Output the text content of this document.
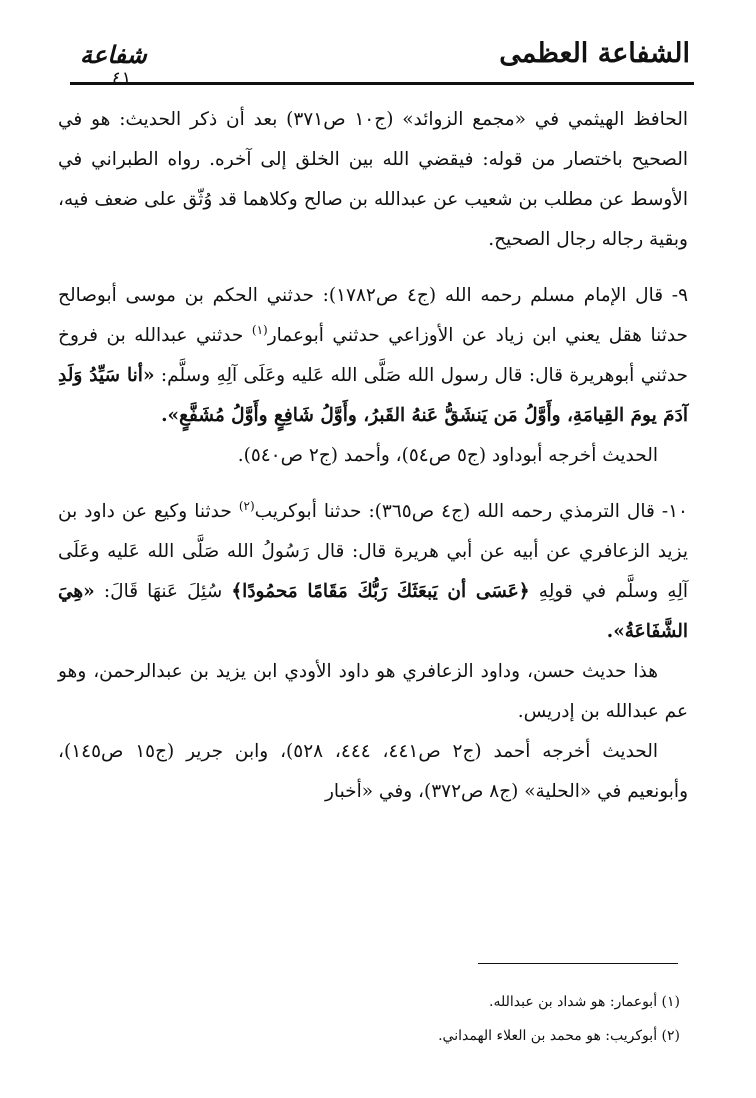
الشفاعة العظمى
شفاعة
٤١

الحافظ الهيثمي في «مجمع الزوائد» (ج١٠ ص٣٧١) بعد أن ذكر الحديث: هو في الصحيح باختصار من قوله: فيقضي الله بين الخلق إلى آخره. رواه الطبراني في الأوسط عن مطلب بن شعيب عن عبدالله بن صالح وكلاهما قد وُثّق على ضعف فيه، وبقية رجاله رجال الصحيح.

٩- قال الإمام مسلم رحمه الله (ج٤ ص١٧٨٢): حدثني الحكم بن موسى أبوصالح حدثنا هقل يعني ابن زياد عن الأوزاعي حدثني أبوعمار$^{(١)}$ حدثني عبدالله بن فروخ حدثني أبوهريرة قال: قال رسول الله صَلَّى الله عَليه وعَلَى آلِهِ وسلَّم: «أنا سَيِّدُ وَلَدِ آدَمَ يومَ القِيامَةِ، وأَوَّلُ مَن يَنشَقُّ عَنهُ القَبرُ، وأَوَّلُ شَافِعٍ وأَوَّلُ مُشَفَّعٍ».

الحديث أخرجه أبوداود (ج٥ ص٥٤)، وأحمد (ج٢ ص٥٤٠).

١٠- قال الترمذي رحمه الله (ج٤ ص٣٦٥): حدثنا أبوكريب$^{(٢)}$ حدثنا وكيع عن داود بن يزيد الزعافري عن أبيه عن أبي هريرة قال: قال رَسُولُ الله صَلَّى الله عَليه وعَلَى آلِهِ وسلَّم في قولِهِ ﴿عَسَى أن يَبعَثَكَ رَبُّكَ مَقَامًا مَحمُودًا﴾ سُئِلَ عَنهَا قَالَ: «هِيَ الشَّفَاعَةُ».

هذا حديث حسن، وداود الزعافري هو داود الأودي ابن يزيد بن عبدالرحمن، وهو عم عبدالله بن إدريس.

الحديث أخرجه أحمد (ج٢ ص٤٤١، ٤٤٤، ٥٢٨)، وابن جرير (ج١٥ ص١٤٥)، وأبونعيم في «الحلية» (ج٨ ص٣٧٢)، وفي «أخبار

(١) أبوعمار: هو شداد بن عبدالله.

(٢) أبوكريب: هو محمد بن العلاء الهمداني.
